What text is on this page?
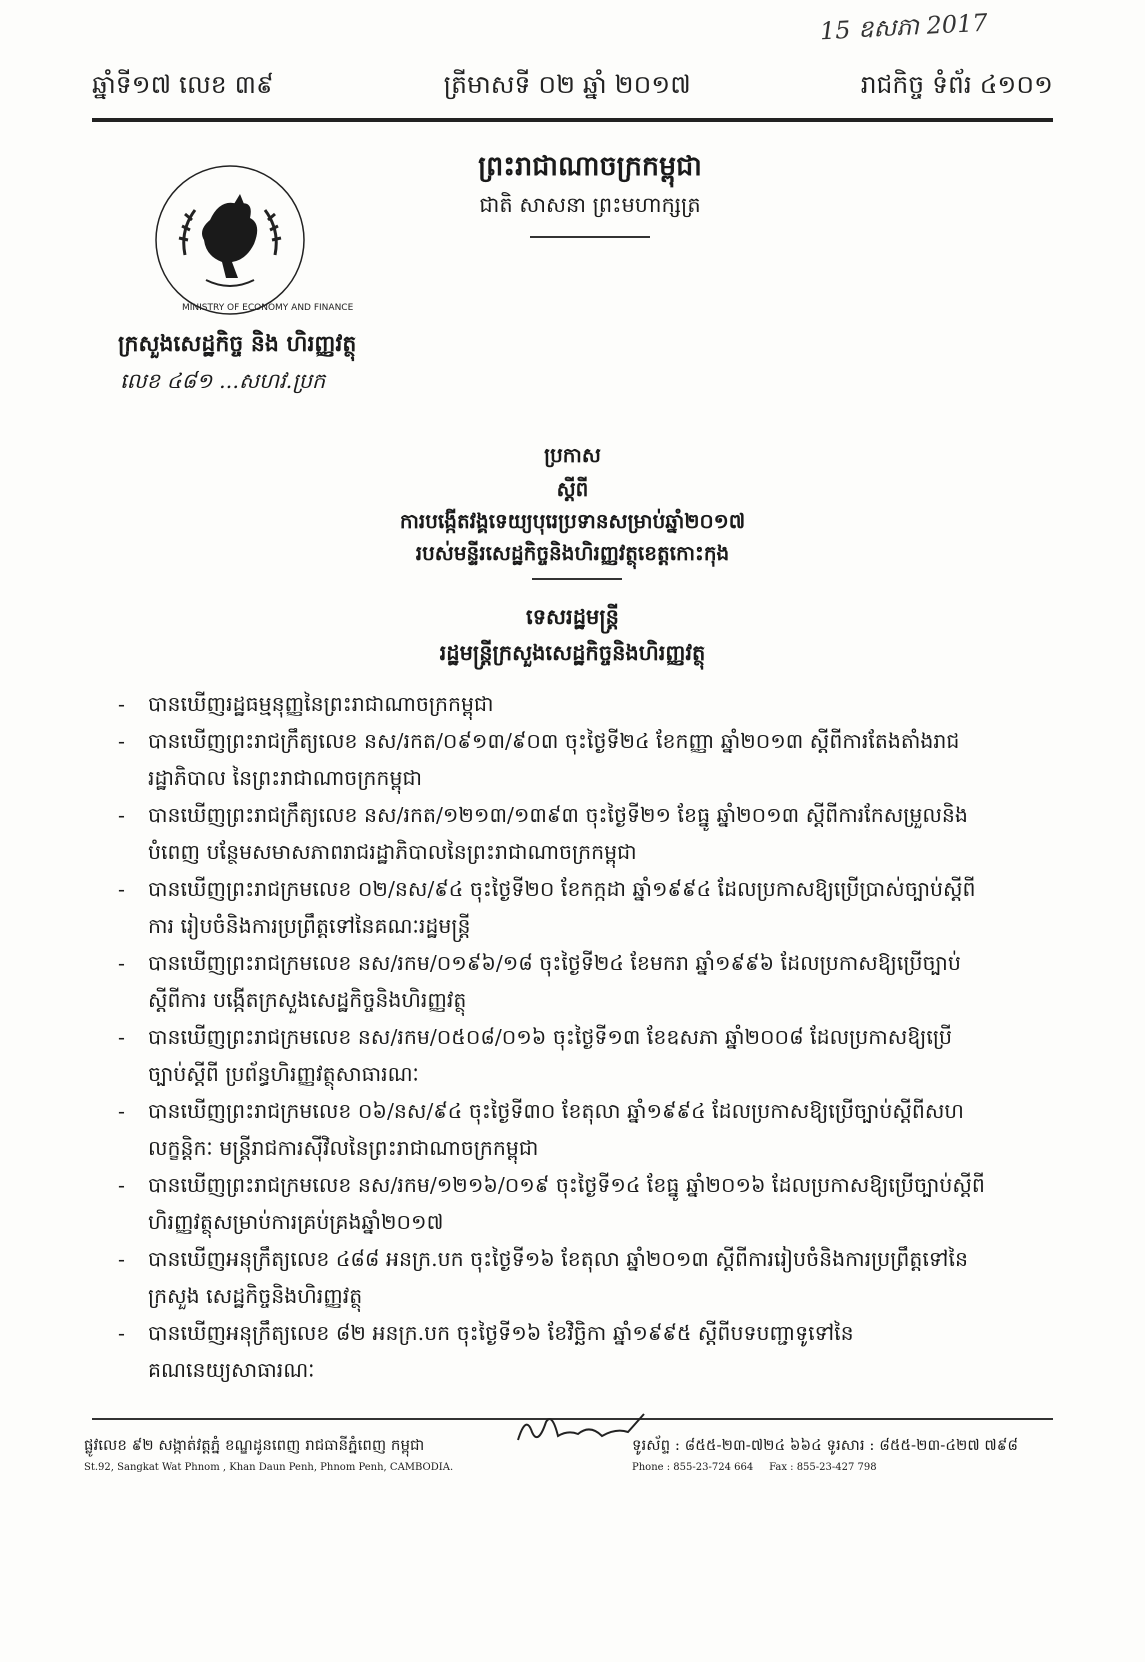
15 ឧសភា 2017
ឆ្នាំទី១៧ លេខ ៣៩	ត្រីមាសទី ០២ ឆ្នាំ ២០១៧	រាជកិច្ច ទំព័រ ៤១០១
ព្រះរាជាណាចក្រកម្ពុជា
ជាតិ សាសនា ព្រះមហាក្សត្រ
MINISTRY OF ECONOMY AND FINANCE
ក្រសួងសេដ្ឋកិច្ច និង ហិរញ្ញវត្ថុ
លេខ ៤៨១ ...សហវ.ប្រក
ប្រកាស
ស្តីពី
ការបង្កើតវង្គទេយ្យបុរេប្រទានសម្រាប់ឆ្នាំ២០១៧
របស់មន្ទីរសេដ្ឋកិច្ចនិងហិរញ្ញវត្ថុខេត្តកោះកុង
ទេសរដ្ឋមន្ត្រី
រដ្ឋមន្ត្រីក្រសួងសេដ្ឋកិច្ចនិងហិរញ្ញវត្ថុ
- បានឃើញរដ្ឋធម្មនុញ្ញនៃព្រះរាជាណាចក្រកម្ពុជា
- បានឃើញព្រះរាជក្រឹត្យលេខ នស/រកត/០៩១៣/៩០៣ ចុះថ្ងៃទី២៤ ខែកញ្ញា ឆ្នាំ២០១៣ ស្តីពីការតែងតាំងរាជរដ្ឋាភិបាល នៃព្រះរាជាណាចក្រកម្ពុជា
- បានឃើញព្រះរាជក្រឹត្យលេខ នស/រកត/១២១៣/១៣៩៣ ចុះថ្ងៃទី២១ ខែធ្នូ ឆ្នាំ២០១៣ ស្តីពីការកែសម្រួលនិងបំពេញ បន្ថែមសមាសភាពរាជរដ្ឋាភិបាលនៃព្រះរាជាណាចក្រកម្ពុជា
- បានឃើញព្រះរាជក្រមលេខ ០២/នស/៩៤ ចុះថ្ងៃទី២០ ខែកក្កដា ឆ្នាំ១៩៩៤ ដែលប្រកាសឱ្យប្រើប្រាស់ច្បាប់ស្តីពីការ រៀបចំនិងការប្រព្រឹត្តទៅនៃគណៈរដ្ឋមន្ត្រី
- បានឃើញព្រះរាជក្រមលេខ នស/រកម/០១៩៦/១៨ ចុះថ្ងៃទី២៤ ខែមករា ឆ្នាំ១៩៩៦ ដែលប្រកាសឱ្យប្រើច្បាប់ស្តីពីការ បង្កើតក្រសួងសេដ្ឋកិច្ចនិងហិរញ្ញវត្ថុ
- បានឃើញព្រះរាជក្រមលេខ នស/រកម/០៥០៨/០១៦ ចុះថ្ងៃទី១៣ ខែឧសភា ឆ្នាំ២០០៨ ដែលប្រកាសឱ្យប្រើច្បាប់ស្តីពី ប្រព័ន្ធហិរញ្ញវត្ថុសាធារណៈ
- បានឃើញព្រះរាជក្រមលេខ ០៦/នស/៩៤ ចុះថ្ងៃទី៣០ ខែតុលា ឆ្នាំ១៩៩៤ ដែលប្រកាសឱ្យប្រើច្បាប់ស្តីពីសហលក្ខន្តិកៈ មន្ត្រីរាជការស៊ីវិលនៃព្រះរាជាណាចក្រកម្ពុជា
- បានឃើញព្រះរាជក្រមលេខ នស/រកម/១២១៦/០១៩ ចុះថ្ងៃទី១៤ ខែធ្នូ ឆ្នាំ២០១៦ ដែលប្រកាសឱ្យប្រើច្បាប់ស្តីពី ហិរញ្ញវត្ថុសម្រាប់ការគ្រប់គ្រងឆ្នាំ២០១៧
- បានឃើញអនុក្រឹត្យលេខ ៤៨៨ អនក្រ.បក ចុះថ្ងៃទី១៦ ខែតុលា ឆ្នាំ២០១៣ ស្តីពីការរៀបចំនិងការប្រព្រឹត្តទៅនៃក្រសួង សេដ្ឋកិច្ចនិងហិរញ្ញវត្ថុ
- បានឃើញអនុក្រឹត្យលេខ ៨២ អនក្រ.បក ចុះថ្ងៃទី១៦ ខែវិច្ឆិកា ឆ្នាំ១៩៩៥ ស្តីពីបទបញ្ជាទូទៅនៃគណនេយ្យសាធារណៈ
ផ្លូវលេខ ៩២ សង្កាត់វត្តភ្នំ ខណ្ឌដូនពេញ រាជធានីភ្នំពេញ កម្ពុជា
St.92, Sangkat Wat Phnom , Khan Daun Penh, Phnom Penh, CAMBODIA.
ទូរស័ព្ទ : ៨៥៥-២៣-៧២៤ ៦៦៤ ទូរសារ : ៨៥៥-២៣-៤២៧ ៧៩៨
Phone : 855-23-724 664 Fax : 855-23-427 798
